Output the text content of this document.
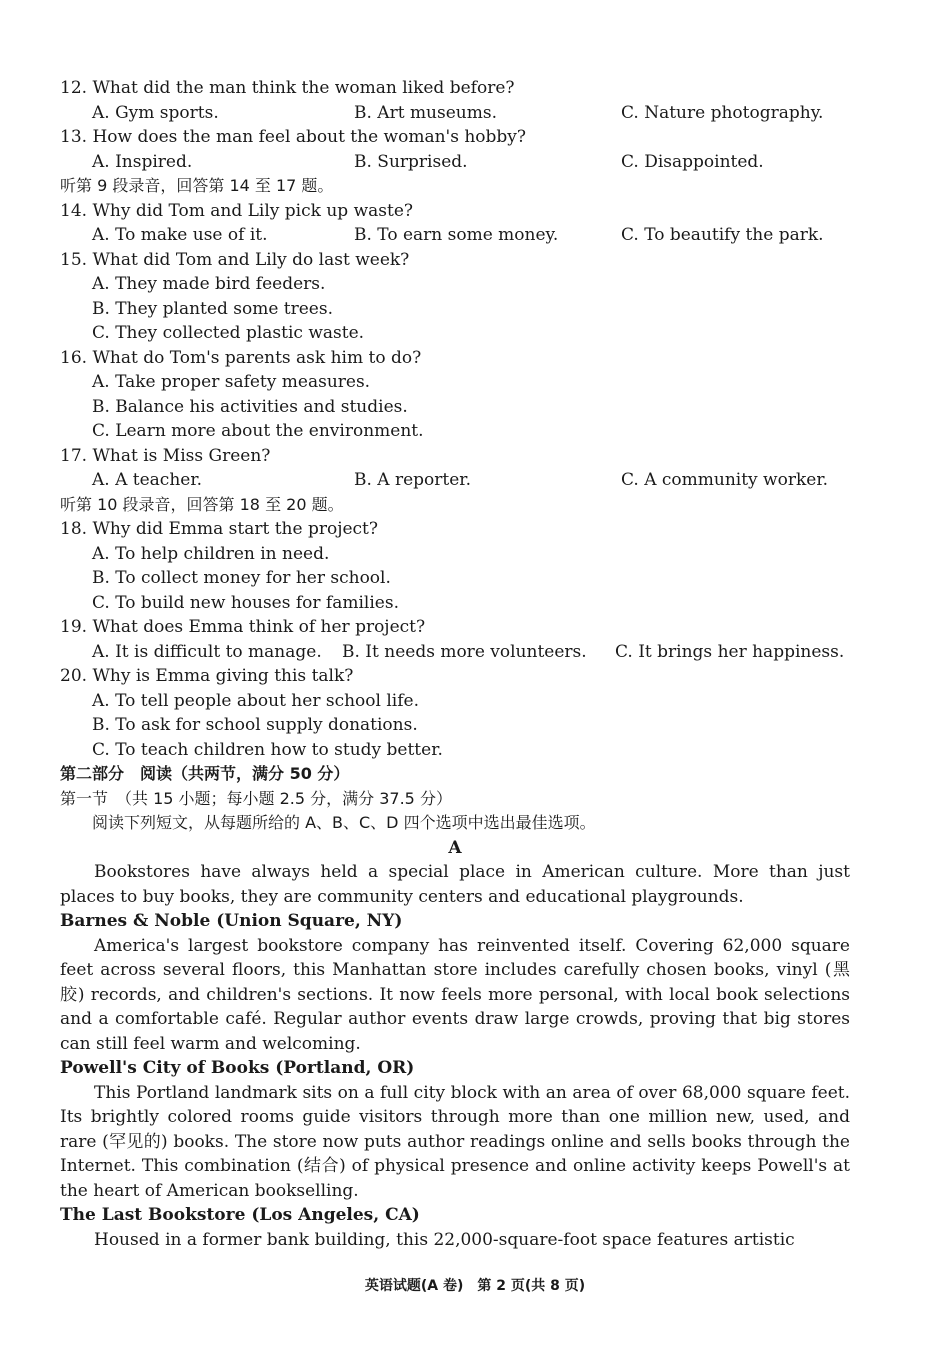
12. What did the man think the woman liked before?
A. Gym sports.	B. Art museums.	C. Nature photography.
13. How does the man feel about the woman's hobby?
A. Inspired.	B. Surprised.	C. Disappointed.
听第 9 段录音，回答第 14 至 17 题。
14. Why did Tom and Lily pick up waste?
A. To make use of it.	B. To earn some money.	C. To beautify the park.
15. What did Tom and Lily do last week?
A. They made bird feeders.
B. They planted some trees.
C. They collected plastic waste.
16. What do Tom's parents ask him to do?
A. Take proper safety measures.
B. Balance his activities and studies.
C. Learn more about the environment.
17. What is Miss Green?
A. A teacher.	B. A reporter.	C. A community worker.
听第 10 段录音，回答第 18 至 20 题。
18. Why did Emma start the project?
A. To help children in need.
B. To collect money for her school.
C. To build new houses for families.
19. What does Emma think of her project?
A. It is difficult to manage. B. It needs more volunteers. C. It brings her happiness.
20. Why is Emma giving this talk?
A. To tell people about her school life.
B. To ask for school supply donations.
C. To teach children how to study better.
第二部分　阅读（共两节，满分 50 分）
第一节　（共 15 小题；每小题 2.5 分，满分 37.5 分）
阅读下列短文，从每题所给的 A、B、C、D 四个选项中选出最佳选项。
A

Bookstores have always held a special place in American culture. More than just places to buy books, they are community centers and educational playgrounds.

Barnes & Noble (Union Square, NY)

America's largest bookstore company has reinvented itself. Covering 62,000 square feet across several floors, this Manhattan store includes carefully chosen books, vinyl (黑胶) records, and children's sections. It now feels more personal, with local book selections and a comfortable café. Regular author events draw large crowds, proving that big stores can still feel warm and welcoming.

Powell's City of Books (Portland, OR)

This Portland landmark sits on a full city block with an area of over 68,000 square feet. Its brightly colored rooms guide visitors through more than one million new, used, and rare (罕见的) books. The store now puts author readings online and sells books through the Internet. This combination (结合) of physical presence and online activity keeps Powell's at the heart of American bookselling.

The Last Bookstore (Los Angeles, CA)

Housed in a former bank building, this 22,000-square-foot space features artistic

英语试题(A 卷)　第 2 页(共 8 页)
